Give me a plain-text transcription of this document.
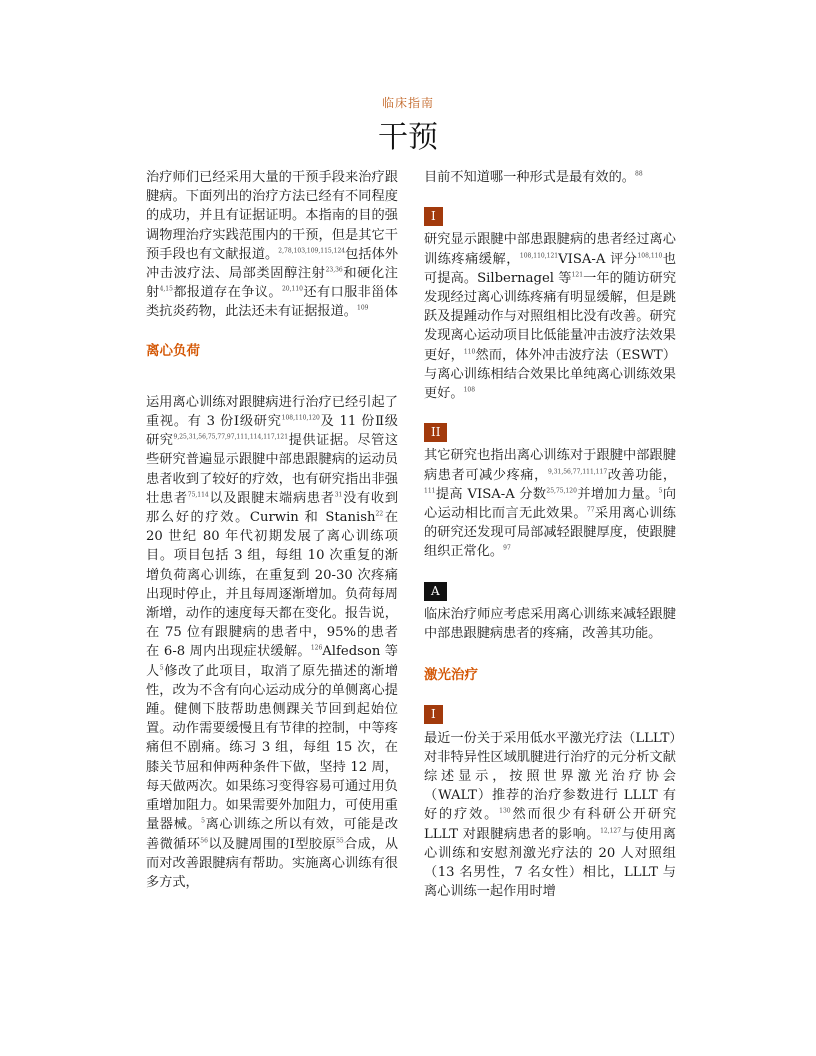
临床指南
干预

治疗师们已经采用大量的干预手段来治疗跟腱病。下面列出的治疗方法已经有不同程度的成功，并且有证据证明。本指南的目的强调物理治疗实践范围内的干预，但是其它干预手段也有文献报道。$^{2,78,103,109,115,124}$包括体外冲击波疗法、局部类固醇注射$^{23,36}$和硬化注射$^{4,15}$都报道存在争议。$^{20,110}$还有口服非甾体类抗炎药物，此法还未有证据报道。$^{109}$

离心负荷

运用离心训练对跟腱病进行治疗已经引起了重视。有 3 份Ⅰ级研究$^{108,110,120}$及 11 份Ⅱ级研究$^{9,25,31,56,75,77,97,111,114,117,121}$提供证据。尽管这些研究普遍显示跟腱中部患跟腱病的运动员患者收到了较好的疗效，也有研究指出非强壮患者$^{75,114}$以及跟腱末端病患者$^{31}$没有收到那么好的疗效。Curwin 和 Stanish$^{22}$在 20 世纪 80 年代初期发展了离心训练项目。项目包括 3 组，每组 10 次重复的渐增负荷离心训练，在重复到 20-30 次疼痛出现时停止，并且每周逐渐增加。负荷每周渐增，动作的速度每天都在变化。报告说，在 75 位有跟腱病的患者中，95%的患者在 6-8 周内出现症状缓解。$^{126}$Alfedson 等人$^5$修改了此项目，取消了原先描述的渐增性，改为不含有向心运动成分的单侧离心提踵。健侧下肢帮助患侧踝关节回到起始位置。动作需要缓慢且有节律的控制，中等疼痛但不剧痛。练习 3 组，每组 15 次，在膝关节屈和伸两种条件下做，坚持 12 周，每天做两次。如果练习变得容易可通过用负重增加阻力。如果需要外加阻力，可使用重量器械。$^5$离心训练之所以有效，可能是改善微循环$^{56}$以及腱周围的Ⅰ型胶原$^{55}$合成，从而对改善跟腱病有帮助。实施离心训练有很多方式，

目前不知道哪一种形式是最有效的。$^{88}$

I

研究显示跟腱中部患跟腱病的患者经过离心训练疼痛缓解，$^{108,110,121}$VISA-A 评分$^{108,110}$也可提高。Silbernagel 等$^{121}$一年的随访研究发现经过离心训练疼痛有明显缓解，但是跳跃及提踵动作与对照组相比没有改善。研究发现离心运动项目比低能量冲击波疗法效果更好，$^{110}$然而，体外冲击波疗法（ESWT）与离心训练相结合效果比单纯离心训练效果更好。$^{108}$

II

其它研究也指出离心训练对于跟腱中部跟腱病患者可减少疼痛，$^{9,31,56,77,111,117}$改善功能，$^{111}$提高 VISA-A 分数$^{25,75,120}$并增加力量。$^5$向心运动相比而言无此效果。$^{77}$采用离心训练的研究还发现可局部减轻跟腱厚度，使跟腱组织正常化。$^{97}$

A

临床治疗师应考虑采用离心训练来减轻跟腱中部患跟腱病患者的疼痛，改善其功能。

激光治疗
I

最近一份关于采用低水平激光疗法（LLLT）对非特异性区域肌腱进行治疗的元分析文献综述显示，按照世界激光治疗协会（WALT）推荐的治疗参数进行 LLLT 有好的疗效。$^{130}$然而很少有科研公开研究 LLLT 对跟腱病患者的影响。$^{12,127}$与使用离心训练和安慰剂激光疗法的 20 人对照组（13 名男性，7 名女性）相比，LLLT 与离心训练一起作用时增
